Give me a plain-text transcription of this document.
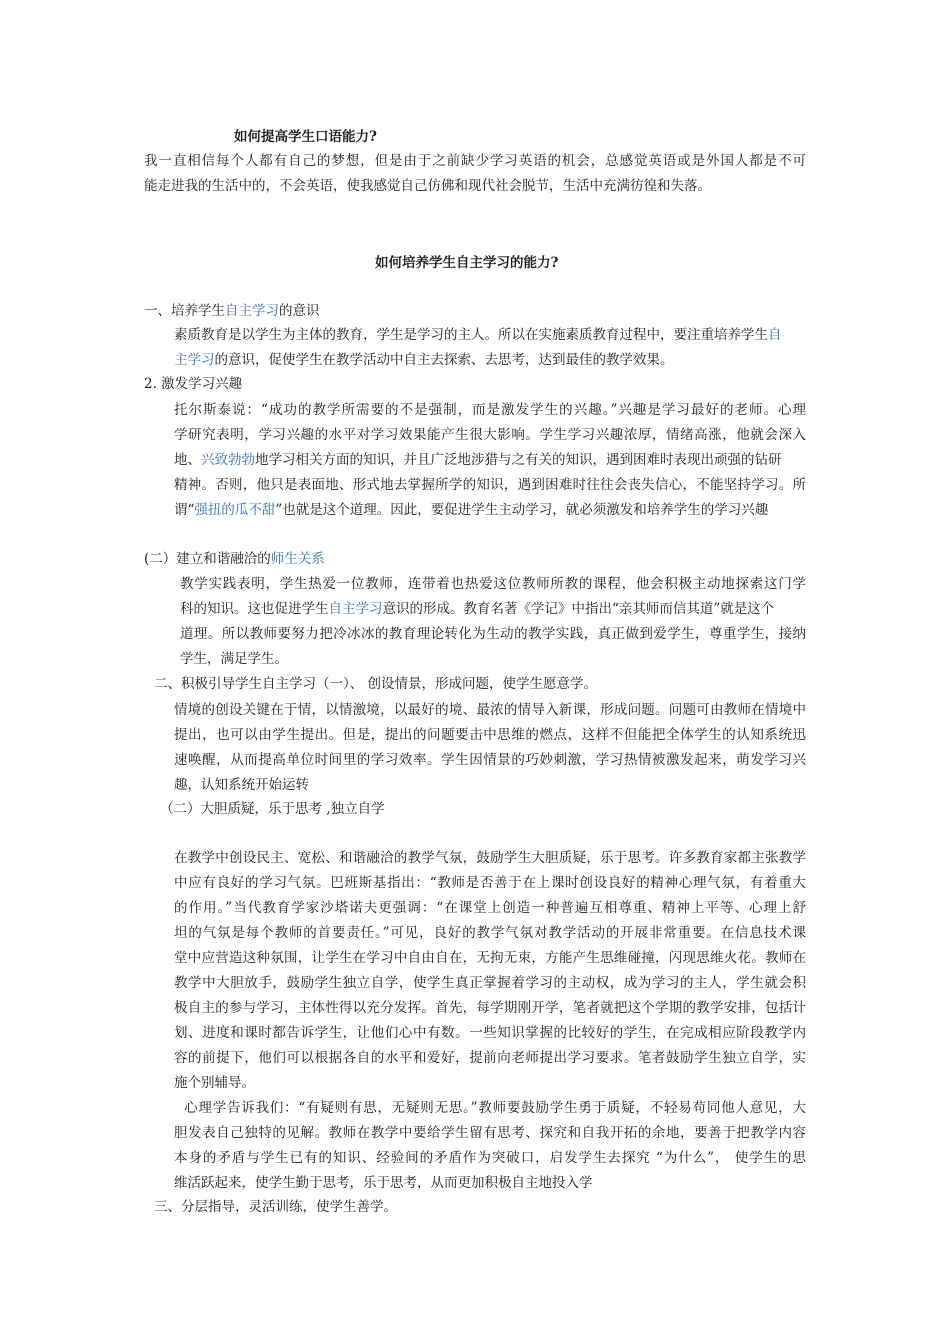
如何提高学生口语能力?
我一直相信每个人都有自己的梦想，但是由于之前缺少学习英语的机会，总感觉英语或是外国人都是不可
能走进我的生活中的，不会英语，使我感觉自己仿佛和现代社会脱节，生活中充满彷徨和失落。
如何培养学生自主学习的能力?
一、培养学生自主学习的意识
素质教育是以学生为主体的教育，学生是学习的主人。所以在实施素质教育过程中，要注重培养学生自
主学习的意识，促使学生在教学活动中自主去探索、去思考，达到最佳的教学效果。
2. 激发学习兴趣
托尔斯泰说：“成功的教学所需要的不是强制，而是激发学生的兴趣。”兴趣是学习最好的老师。心理
学研究表明，学习兴趣的水平对学习效果能产生很大影响。学生学习兴趣浓厚，情绪高涨，他就会深入
地、兴致勃勃地学习相关方面的知识，并且广泛地涉猎与之有关的知识，遇到困难时表现出顽强的钻研
精神。否则，他只是表面地、形式地去掌握所学的知识，遇到困难时往往会丧失信心，不能坚持学习。所
谓“强扭的瓜不甜”也就是这个道理。因此，要促进学生主动学习，就必须激发和培养学生的学习兴趣
(二）建立和谐融洽的师生关系
教学实践表明，学生热爱一位教师，连带着也热爱这位教师所教的课程，他会积极主动地探索这门学
科的知识。这也促进学生自主学习意识的形成。教育名著《学记》中指出“亲其师而信其道”就是这个
道理。所以教师要努力把冷冰冰的教育理论转化为生动的教学实践，真正做到爱学生，尊重学生，接纳
学生，满足学生。
二、积极引导学生自主学习（一）、 创设情景，形成问题，使学生愿意学。
情境的创设关键在于情，以情激境，以最好的境、最浓的情导入新课，形成问题。问题可由教师在情境中
提出，也可以由学生提出。但是，提出的问题要击中思维的燃点，这样不但能把全体学生的认知系统迅
速唤醒，从而提高单位时间里的学习效率。学生因情景的巧妙刺激，学习热情被激发起来，萌发学习兴
趣，认知系统开始运转
（二）大胆质疑，乐于思考 ,独立自学
在教学中创设民主、宽松、和谐融洽的教学气氛，鼓励学生大胆质疑，乐于思考。许多教育家都主张教学
中应有良好的学习气氛。巴班斯基指出：“教师是否善于在上课时创设良好的精神心理气氛，有着重大
的作用。”当代教育学家沙塔诺夫更强调：“在课堂上创造一种普遍互相尊重、精神上平等、心理上舒
坦的气氛是每个教师的首要责任。”可见，良好的教学气氛对教学活动的开展非常重要。在信息技术课
堂中应营造这种氛围，让学生在学习中自由自在，无拘无束，方能产生思维碰撞，闪现思维火花。教师在
教学中大胆放手，鼓励学生独立自学，使学生真正掌握着学习的主动权，成为学习的主人，学生就会积
极自主的参与学习，主体性得以充分发挥。首先，每学期刚开学，笔者就把这个学期的教学安排，包括计
划、进度和课时都告诉学生，让他们心中有数。一些知识掌握的比较好的学生，在完成相应阶段教学内
容的前提下，他们可以根据各自的水平和爱好，提前向老师提出学习要求。笔者鼓励学生独立自学，实
施个别辅导。
心理学告诉我们：“有疑则有思，无疑则无思。”教师要鼓励学生勇于质疑，不轻易苟同他人意见，大
胆发表自己独特的见解。教师在教学中要给学生留有思考、探究和自我开拓的余地，要善于把教学内容
本身的矛盾与学生已有的知识、经验间的矛盾作为突破口，启发学生去探究 “为什么”， 使学生的思
维活跃起来，使学生勤于思考，乐于思考，从而更加积极自主地投入学
三、分层指导，灵活训练，使学生善学。
